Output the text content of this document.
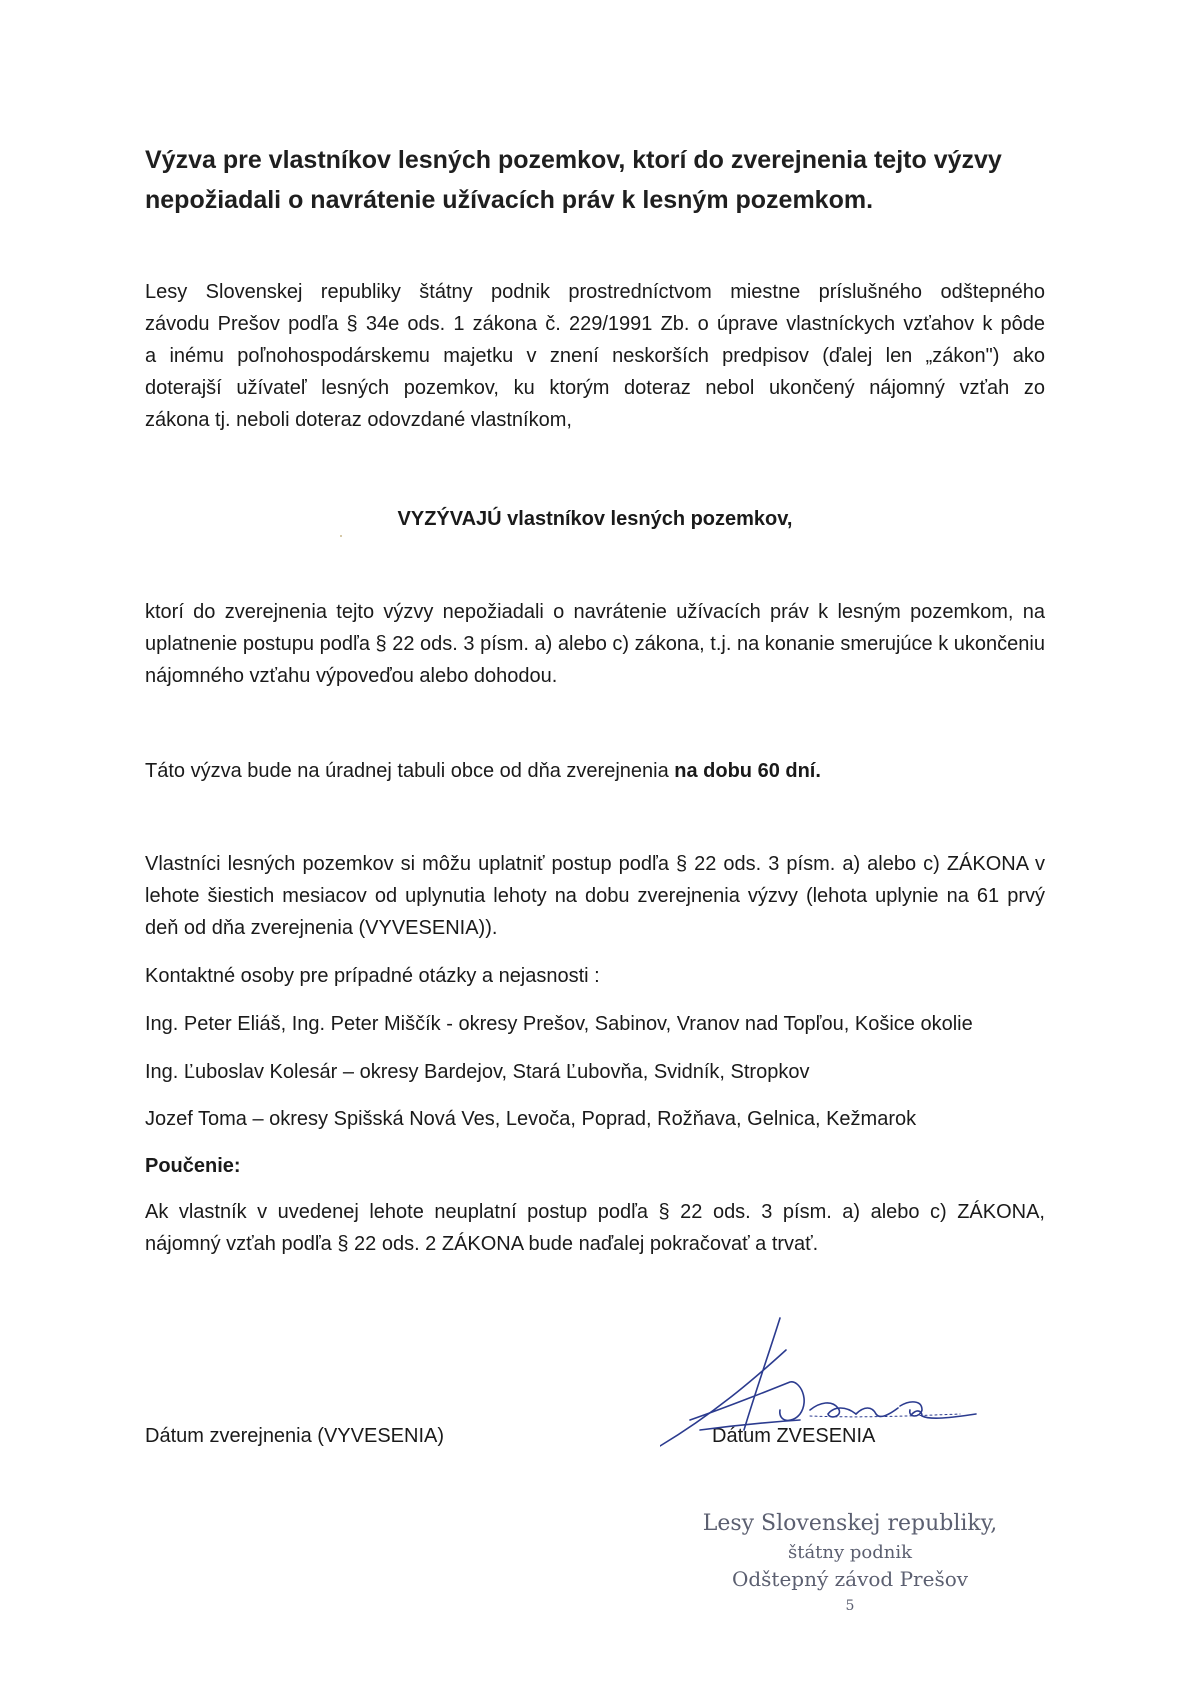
Výzva pre vlastníkov lesných pozemkov, ktorí do zverejnenia tejto výzvy
nepožiadali o navrátenie užívacích práv k lesným pozemkom.
Lesy Slovenskej republiky štátny podnik prostredníctvom miestne príslušného odštepného
závodu Prešov podľa § 34e ods. 1 zákona č. 229/1991 Zb. o úprave vlastníckych vzťahov k pôde
a inému poľnohospodárskemu majetku v znení neskorších predpisov (ďalej len „zákon") ako
doterajší užívateľ lesných pozemkov, ku ktorým doteraz nebol ukončený nájomný vzťah zo
zákona tj. neboli doteraz odovzdané vlastníkom,
VYZÝVAJÚ vlastníkov lesných pozemkov,
ktorí do zverejnenia tejto výzvy nepožiadali o navrátenie užívacích práv k lesným pozemkom, na uplatnenie postupu podľa § 22 ods. 3 písm. a) alebo c) zákona, t.j. na konanie smerujúce k ukončeniu nájomného vzťahu výpoveďou alebo dohodou.
Táto výzva bude na úradnej tabuli obce od dňa zverejnenia na dobu 60 dní.
Vlastníci lesných pozemkov si môžu uplatniť postup podľa § 22 ods. 3 písm. a) alebo c) ZÁKONA v lehote šiestich mesiacov od uplynutia lehoty na dobu zverejnenia výzvy (lehota uplynie na 61 prvý deň od dňa zverejnenia (VYVESENIA)).
Kontaktné osoby pre prípadné otázky a nejasnosti :
Ing. Peter Eliáš, Ing. Peter Miščík - okresy Prešov, Sabinov, Vranov nad Topľou, Košice okolie
Ing. Ľuboslav Kolesár – okresy Bardejov, Stará Ľubovňa, Svidník, Stropkov
Jozef Toma – okresy Spišská Nová Ves, Levoča, Poprad, Rožňava, Gelnica, Kežmarok
Poučenie:
Ak vlastník v uvedenej lehote neuplatní postup podľa § 22 ods. 3 písm. a) alebo c) ZÁKONA, nájomný vzťah podľa § 22 ods. 2 ZÁKONA bude naďalej pokračovať a trvať.
Dátum zverejnenia (VYVESENIA)	Dátum ZVESENIA
Lesy Slovenskej republiky,
štátny podnik
Odštepný závod Prešov
5
